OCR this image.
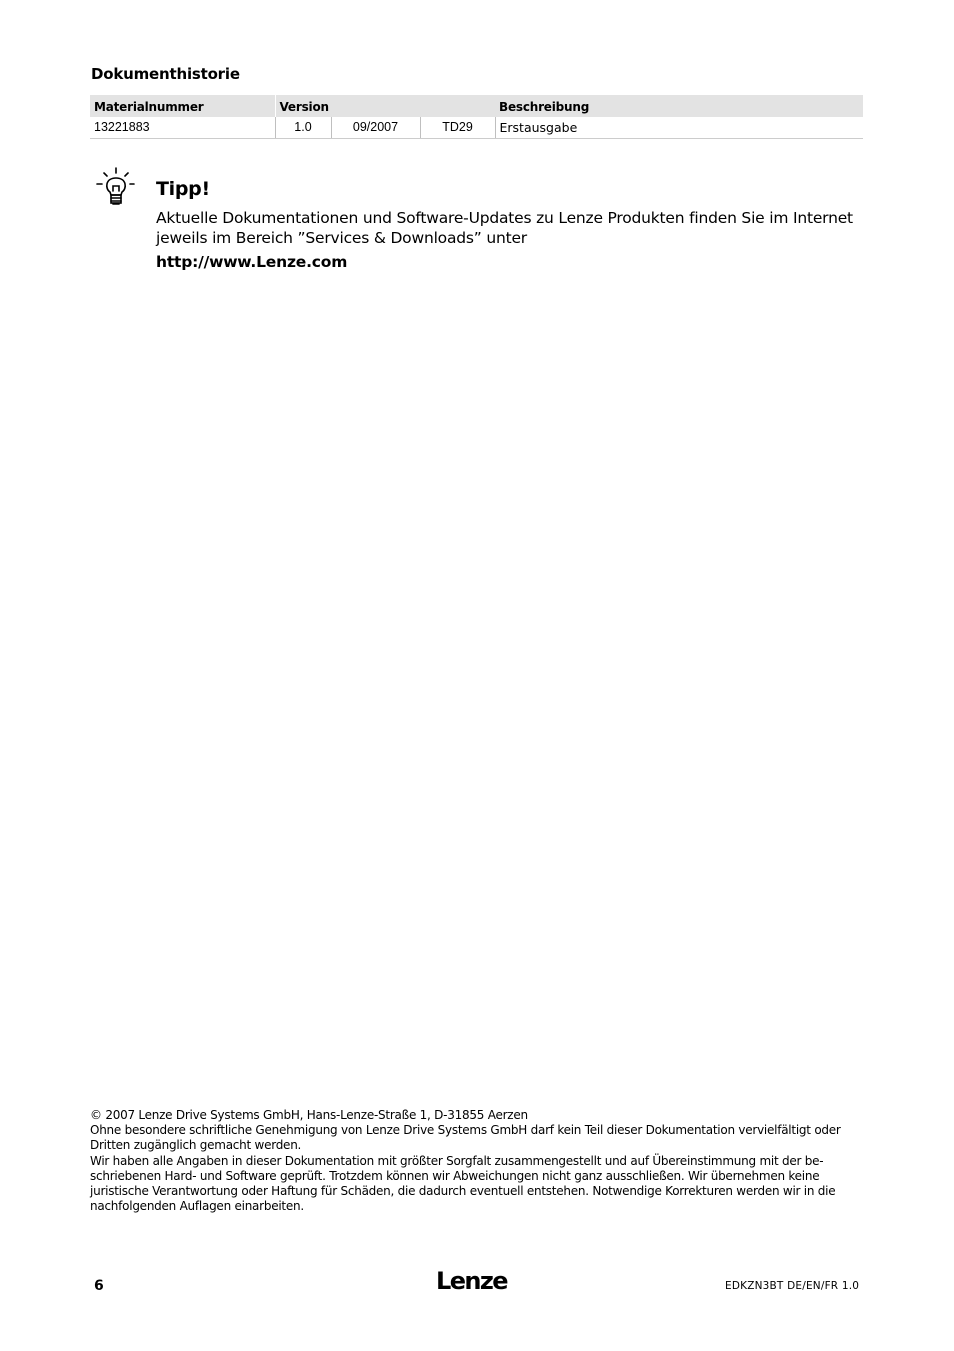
Dokumenthistorie
Materialnummer	Version			Beschreibung
13221883	1.0	09/2007	TD29	Erstausgabe
Tipp!
Aktuelle Dokumentationen und Software-Updates zu Lenze Produkten finden Sie im Internet jeweils im Bereich ”Services & Downloads” unter
http://www.Lenze.com

© 2007 Lenze Drive Systems GmbH, Hans-Lenze-Straße 1, D-31855 Aerzen

Ohne besondere schriftliche Genehmigung von Lenze Drive Systems GmbH darf kein Teil dieser Dokumentation vervielfältigt oder Dritten zugänglich gemacht werden.

Wir haben alle Angaben in dieser Dokumentation mit größter Sorgfalt zusammengestellt und auf Übereinstimmung mit der be-schriebenen Hard- und Software geprüft. Trotzdem können wir Abweichungen nicht ganz ausschließen. Wir übernehmen keine juristische Verantwortung oder Haftung für Schäden, die dadurch eventuell entstehen. Notwendige Korrekturen werden wir in die nachfolgenden Auflagen einarbeiten.

6	Lenze	EDKZN3BT DE/EN/FR 1.0
